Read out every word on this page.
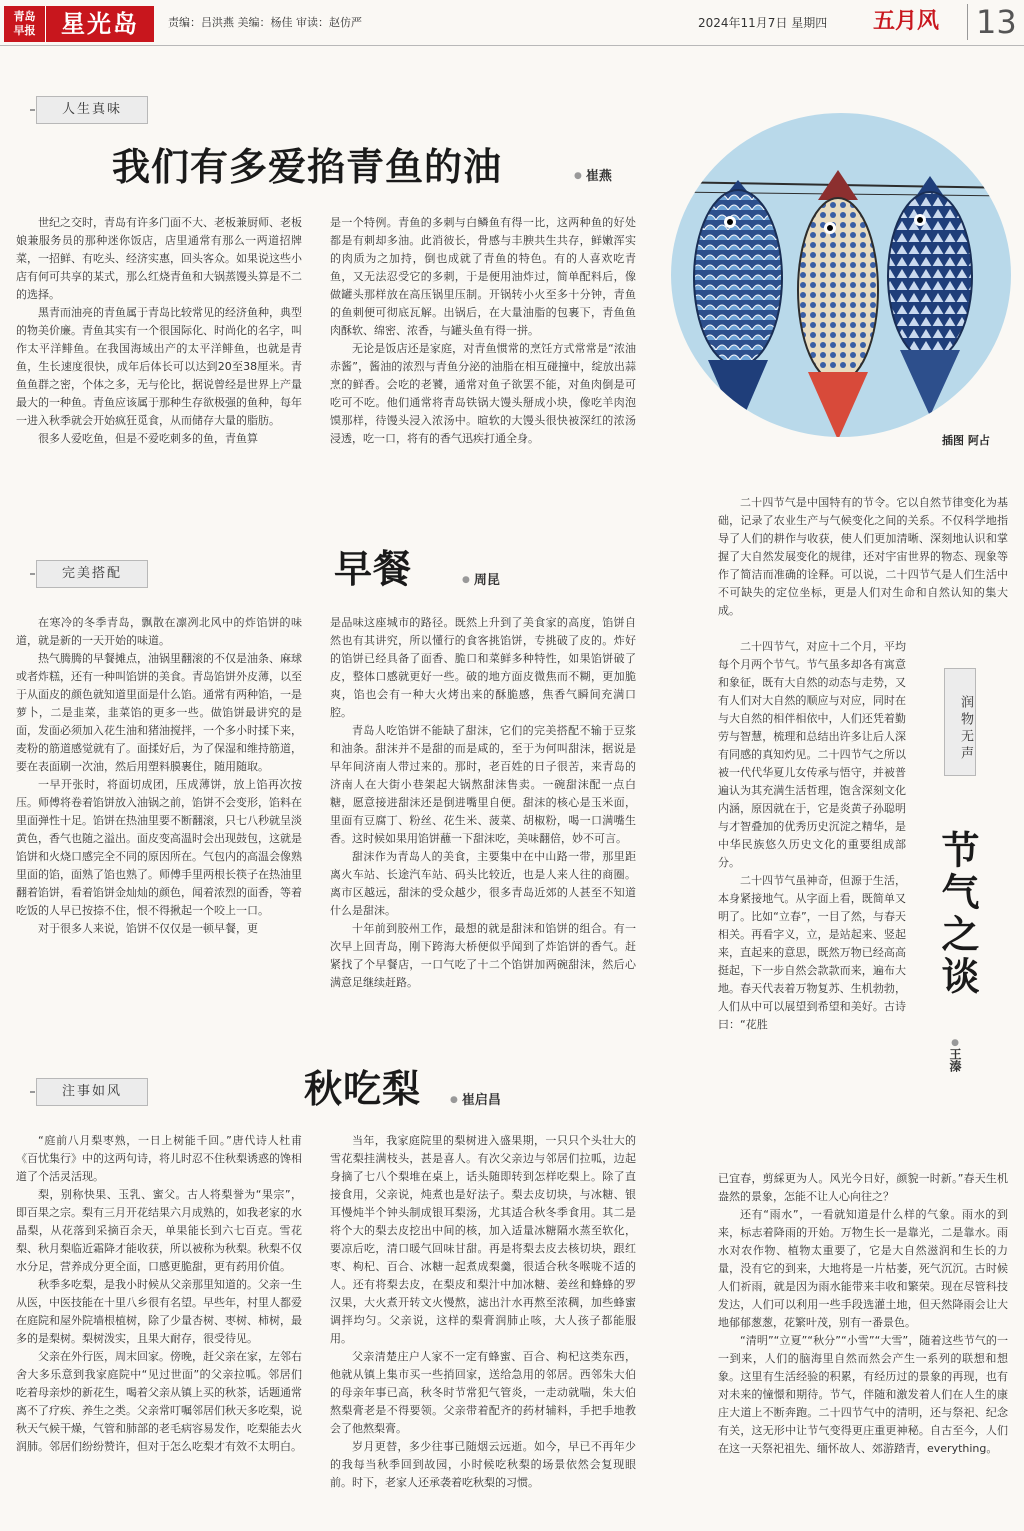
青岛
早报	星光岛	责编：吕洪燕 美编：杨佳 审读：赵仿严	2024年11月7日 星期四 五月风 13
人生真味
我们有多爱掐青鱼的油	● 崔燕

世纪之交时，青岛有许多门面不大、老板兼厨师、老板娘兼服务员的那种迷你饭店，店里通常有那么一两道招牌菜，一招鲜、有吃头、经济实惠，回头客众。如果说这些小店有何可共享的某式，那么红烧青鱼和大锅蒸馒头算是不二的选择。

黑青而油亮的青鱼属于青岛比较常见的经济鱼种，典型的物美价廉。青鱼其实有一个很国际化、时尚化的名字，叫作太平洋鲱鱼。在我国海域出产的太平洋鲱鱼，也就是青鱼，生长速度很快，成年后体长可以达到20至38厘米。青鱼鱼群之密，个体之多，无与伦比，据说曾经是世界上产量最大的一种鱼。青鱼应该属于那种生存欲极强的鱼种，每年一进入秋季就会开始疯狂觅食，从而储存大量的脂肪。

很多人爱吃鱼，但是不爱吃刺多的鱼，青鱼算

是一个特例。青鱼的多刺与白鳞鱼有得一比，这两种鱼的好处都是有刺却多油。此消彼长，骨感与丰腴共生共存，鲜嫩浑实的肉质为之加持，倒也成就了青鱼的特色。有的人喜欢吃青鱼，又无法忍受它的多刺，于是便用油炸过，简单配料后，像做罐头那样放在高压锅里压制。开锅转小火至多十分钟，青鱼的鱼刺便可彻底瓦解。出锅后，在大量油脂的包裹下，青鱼鱼肉酥软、绵密、浓香，与罐头鱼有得一拼。

无论是饭店还是家庭，对青鱼惯常的烹饪方式常常是“浓油赤酱”，酱油的浓烈与青鱼分泌的油脂在相互碰撞中，绽放出蒜烹的鲜香。会吃的老饕，通常对鱼子欲罢不能，对鱼肉倒是可吃可不吃。他们通常将青岛铁锅大馒头掰成小块，像吃羊肉泡馍那样，待馒头浸入浓汤中。暄软的大馒头很快被深红的浓汤浸透，吃一口，将有的香气迅疾打通全身。	插图 阿占

二十四节气是中国特有的节令。它以自然节律变化为基础，记录了农业生产与气候变化之间的关系。不仅科学地指导了人们的耕作与收获，使人们更加清晰、深刻地认识和掌握了大自然发展变化的规律，还对宇宙世界的物态、现象等作了简洁而准确的诠释。可以说，二十四节气是人们生活中不可缺失的定位坐标，更是人们对生命和自然认知的集大成。

二十四节气，对应十二个月，平均每个月两个节气。节气虽多却各有寓意和象征，既有大自然的动态与走势，又有人们对大自然的顺应与对应，同时在与大自然的相伴相依中，人们还凭着勤劳与智慧，梳理和总结出许多让后人深有同感的真知灼见。二十四节气之所以被一代代华夏儿女传承与悟守，并被普遍认为其充满生活哲理，饱含深刻文化内涵，原因就在于，它是炎黄子孙聪明与才智叠加的优秀历史沉淀之精华，是中华民族悠久历史文化的重要组成部分。

二十四节气虽神奇，但源于生活，本身紧接地气。从字面上看，既简单又明了。比如“立春”，一目了然，与春天相关。再看字义，立，是站起来、竖起来，直起来的意思，既然万物已经高高挺起，下一步自然会款款而来，遍布大地。春天代表着万物复苏、生机勃勃，人们从中可以展望到希望和美好。古诗曰：“花胜

润物无声
节气之谈
● 王溱

已宜春，剪綵更为人。风光今日好，颜貌一时新。”春天生机盎然的景象，怎能不让人心向往之？

还有“雨水”，一看就知道是什么样的气象。雨水的到来，标志着降雨的开始。万物生长一是靠光，二是靠水。雨水对农作物、植物太重要了，它是大自然滋润和生长的力量，没有它的到来，大地将是一片枯萎，死气沉沉。古时候人们祈雨，就是因为雨水能带来丰收和繁荣。现在尽管科技发达，人们可以利用一些手段选灌土地，但天然降雨会让大地郁郁葱葱，花繁叶茂，别有一番景色。

“清明”“立夏”“秋分”“小雪”“大雪”，随着这些节气的一一到来，人们的脑海里自然而然会产生一系列的联想和想象。这里有生活经验的积累，有经历过的景象的再现，也有对未来的憧憬和期待。节气，伴随和激发着人们在人生的康庄大道上不断奔跑。二十四节气中的清明，还与祭祀、纪念有关，这无形中让节气变得更庄重更神秘。自古至今，人们在这一天祭祀祖先、缅怀故人、郊游踏青，everything。

完美搭配	早餐	● 周昆

在寒冷的冬季青岛，飘散在凛冽北风中的炸馅饼的味道，就是新的一天开始的味道。

热气腾腾的早餐摊点，油锅里翻滚的不仅是油条、麻球或者炸糕，还有一种叫馅饼的美食。青岛馅饼外皮薄，以至于从面皮的颜色就知道里面是什么馅。通常有两种馅，一是萝卜，二是韭菜，韭菜馅的更多一些。做馅饼最讲究的是面，发面必须加入花生油和猪油搅拌，一个多小时揉下来，麦粉的筋道感觉就有了。面揉好后，为了保湿和维持筋道，要在表面刷一次油，然后用塑料膜裹住，随用随取。

一早开张时，将面切成团，压成薄饼，放上馅再次按压。师傅将卷着馅饼放入油锅之前，馅饼不会变形，馅料在里面弹性十足。馅饼在热油里要不断翻滚，只七八秒就呈淡黄色，香气也随之溢出。面皮变高温时会出现鼓包，这就是馅饼和火烧口感完全不同的原因所在。气包内的高温会像熟里面的馅，面熟了馅也熟了。师傅手里两根长筷子在热油里翻着馅饼，看着馅饼金灿灿的颜色，闻着浓烈的面香，等着吃饭的人早已按捺不住，恨不得揪起一个咬上一口。

对于很多人来说，馅饼不仅仅是一顿早餐，更

是品味这座城市的路径。既然上升到了美食家的高度，馅饼自然也有其讲究，所以懂行的食客挑馅饼，专挑破了皮的。炸好的馅饼已经具备了面香、脆口和菜鲜多种特性，如果馅饼破了皮，整体口感就更好一些。破的地方面皮微焦而不糊，更加脆爽，馅也会有一种大火烤出来的酥脆感，焦香气瞬间充满口腔。

青岛人吃馅饼不能缺了甜沫，它们的完美搭配不输于豆浆和油条。甜沫并不是甜的而是咸的，至于为何叫甜沫，据说是早年间济南人带过来的。那时，老百姓的日子很苦，来青岛的济南人在大街小巷架起大锅熬甜沫售卖。一碗甜沫配一点白糖，愿意接进甜沫还是倒进嘴里自便。甜沫的核心是玉米面，里面有豆腐丁、粉丝、花生米、菠菜、胡椒粉，喝一口满嘴生香。这时候如果用馅饼蘸一下甜沫吃，美味翻倍，妙不可言。

甜沫作为青岛人的美食，主要集中在中山路一带，那里距离火车站、长途汽车站、码头比较近，也是人来人往的商圈。离市区越远，甜沫的受众越少，很多青岛近郊的人甚至不知道什么是甜沫。

十年前到胶州工作，最想的就是甜沫和馅饼的组合。有一次早上回青岛，刚下跨海大桥便似乎闻到了炸馅饼的香气。赶紧找了个早餐店，一口气吃了十二个馅饼加两碗甜沫，然后心满意足继续赶路。

注事如风	秋吃梨	● 崔启昌

“庭前八月梨枣熟，一日上树能千回。”唐代诗人杜甫《百忧集行》中的这两句诗，将儿时忍不住秋梨诱惑的馋相道了个活灵活现。

梨，别称快果、玉乳、蜜父。古人将梨誉为“果宗”，即百果之宗。梨有三月开花结果六月成熟的，如我老家的水晶梨，从花落到采摘百余天，单果能长到六七百克。雪花梨、秋月梨临近霜降才能收获，所以被称为秋梨。秋梨不仅水分足，营养成分更全面，口感更脆甜，更有药用价值。

秋季多吃梨，是我小时候从父亲那里知道的。父亲一生从医，中医技能在十里八乡很有名望。早些年，村里人都爱在庭院和屋外院墙根植树，除了少量杏树、枣树、柿树，最多的是梨树。梨树泼实，且果大耐存，很受待见。

父亲在外行医，周末回家。傍晚，赶父亲在家，左邻右舍大多乐意到我家庭院中“见过世面”的父亲拉呱。邻居们吃着母亲炒的新花生，喝着父亲从镇上买的秋茶，话题通常离不了疗疾、养生之类。父亲常叮嘱邻居们秋天多吃梨，说秋天气候干燥，气管和肺部的老毛病容易发作，吃梨能去火润肺。邻居们纷纷赞许，但对于怎么吃梨才有效不太明白。

当年，我家庭院里的梨树进入盛果期，一只只个头壮大的雪花梨挂满枝头，甚是喜人。有次父亲边与邻居们拉呱，边起身摘了七八个梨堆在桌上，话头随即转到怎样吃梨上。除了直接食用，父亲说，炖煮也是好法子。梨去皮切块，与冰糖、银耳慢炖半个钟头制成银耳梨汤，尤其适合秋冬季食用。其二是将个大的梨去皮挖出中间的核，加入适量冰糖隔水蒸至软化，要凉后吃，清口暖气回味甘甜。再是将梨去皮去核切块，跟红枣、枸杞、百合、冰糖一起煮成梨羹，很适合秋冬喉咙不适的人。还有将梨去皮，在梨皮和梨汁中加冰糖、姜丝和蜂蜂的罗汉果，大火煮开转文火慢熬，滤出汁水再熬至浓稠，加些蜂蜜调拌均匀。父亲说，这样的梨膏润肺止咳，大人孩子都能服用。

父亲清楚庄户人家不一定有蜂蜜、百合、枸杞这类东西，他就从镇上集市买一些捎回家，送给急用的邻居。西邻朱大伯的母亲年事已高，秋冬时节常犯气管炎，一走动就喘，朱大伯熬梨膏老是不得要领。父亲带着配齐的药材辅料，手把手地教会了他熬梨膏。

岁月更替，多少往事已随烟云远逝。如今，早已不再年少的我每当秋季回到故园，小时候吃秋梨的场景依然会复现眼前。时下，老家人还承袭着吃秋梨的习惯。
